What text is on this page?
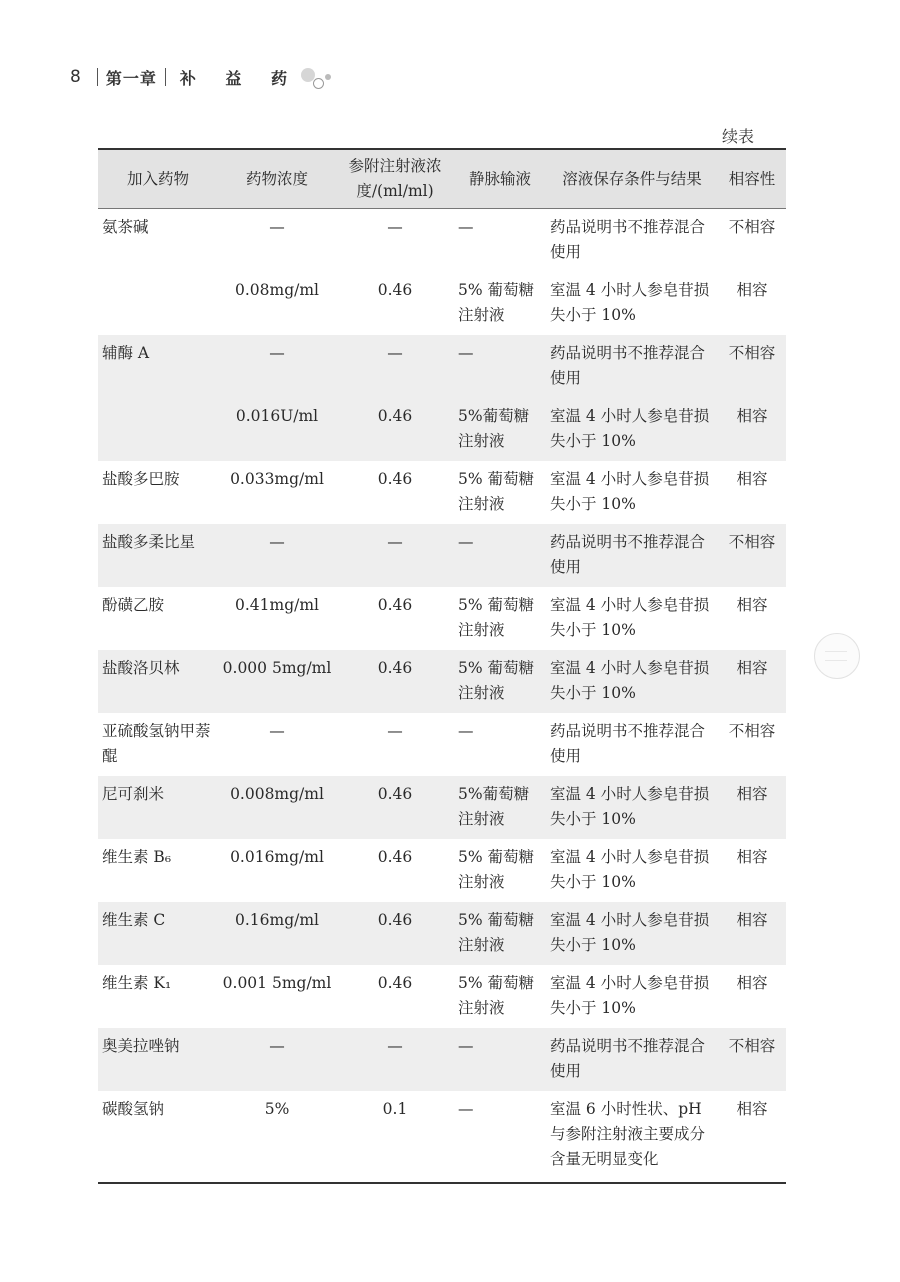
8 第一章 补 益 药
续表
加入药物	药物浓度	参附注射液浓度/(ml/ml)	静脉输液	溶液保存条件与结果	相容性
氨茶碱	—	—	—	药品说明书不推荐混合使用	不相容
	0.08mg/ml	0.46	5% 葡萄糖注射液	室温 4 小时人参皂苷损失小于 10%	相容
辅酶 A	—	—	—	药品说明书不推荐混合使用	不相容
	0.016U/ml	0.46	5%葡萄糖注射液	室温 4 小时人参皂苷损失小于 10%	相容
盐酸多巴胺	0.033mg/ml	0.46	5% 葡萄糖注射液	室温 4 小时人参皂苷损失小于 10%	相容
盐酸多柔比星	—	—	—	药品说明书不推荐混合使用	不相容
酚磺乙胺	0.41mg/ml	0.46	5% 葡萄糖注射液	室温 4 小时人参皂苷损失小于 10%	相容
盐酸洛贝林	0.000 5mg/ml	0.46	5% 葡萄糖注射液	室温 4 小时人参皂苷损失小于 10%	相容
亚硫酸氢钠甲萘醌	—	—	—	药品说明书不推荐混合使用	不相容
尼可刹米	0.008mg/ml	0.46	5%葡萄糖注射液	室温 4 小时人参皂苷损失小于 10%	相容
维生素 B₆	0.016mg/ml	0.46	5% 葡萄糖注射液	室温 4 小时人参皂苷损失小于 10%	相容
维生素 C	0.16mg/ml	0.46	5% 葡萄糖注射液	室温 4 小时人参皂苷损失小于 10%	相容
维生素 K₁	0.001 5mg/ml	0.46	5% 葡萄糖注射液	室温 4 小时人参皂苷损失小于 10%	相容
奥美拉唑钠	—	—	—	药品说明书不推荐混合使用	不相容
碳酸氢钠	5%	0.1	—	室温 6 小时性状、pH 与参附注射液主要成分含量无明显变化	相容
